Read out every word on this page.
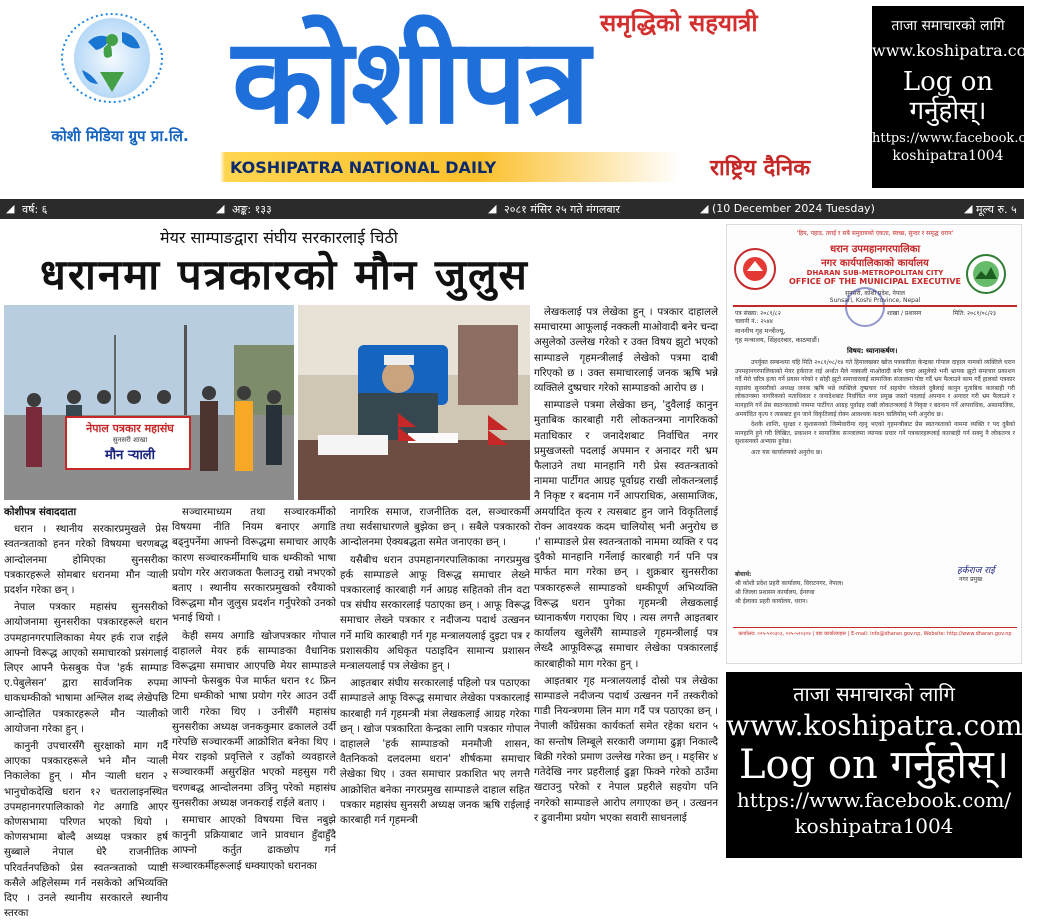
कोशी मिडिया ग्रुप प्रा.लि.
समृद्धिको सहयात्री
कोशीपत्र
KOSHIPATRA NATIONAL DAILY	राष्ट्रिय दैनिक
ताजा समाचारको लागि
www.koshipatra.com
Log on गर्नुहोस्।
https://www.facebook.com/
koshipatra1004
◢ वर्ष: ६	◢ अङ्क: १३३	◢ २०८१ मंसिर २५ गते मंगलबार	◢ (10 December 2024 Tuesday)	◢ मूल्य रु. ५
मेयर साम्पाङद्वारा संघीय सरकारलाई चिठी
धरानमा पत्रकारको मौन जुलुस
नेपाल पत्रकार महासंघ
सुनसरी शाखा
मौन ऱ्याली

कोशीपत्र संवाददाता

धरान । स्थानीय सरकारप्रमुखले प्रेस स्वतन्त्रताको हनन गरेको विषयमा चरणबद्ध आन्दोलनमा होमिएका सुनसरीका पत्रकारहरूले सोमबार धरानमा मौन ऱ्याली प्रदर्शन गरेका छन् ।

नेपाल पत्रकार महासंघ सुनसरीको आयोजनामा सुनसरीका पत्रकारहरूले धरान उपमहानगरपालिकाका मेयर हर्क राज राईले आफ्नो विरूद्ध आएको समाचारको प्रसंगलाई लिएर आफ्नै फेसबुक पेज 'हर्क साम्पाङ ए.पेबुलेसन' द्वारा सार्वजनिक रुपमा धाकधम्कीको भाषामा अश्लिल शब्द लेखेपछि आन्दोलित पत्रकारहरूले मौन ऱ्यालीको आयोजना गरेका हुन् ।

कानुनी उपचारसँगै सुरक्षाको माग गर्दै आएका पत्रकारहरूले भने मौन ऱ्याली निकालेका हुन् । मौन ऱ्याली धरान २ भानुचोकदेखि धरान १२ चतरालाइनस्थित उपमहानगरपालिकाको गेट अगाडि आएर कोणसभामा परिणत भएको थियो । कोणसभामा बोल्दै अध्यक्ष पत्रकार हर्ष सुब्बाले नेपाल धेरै राजनीतिक परिवर्तनपछिको प्रेस स्वतन्त्रताको प्याष्टी कसैले अहिलेसम्म गर्न नसकेको अभिव्यक्ति दिए । उनले स्थानीय सरकारले स्थानीय स्तरका

सञ्चारमाध्यम तथा सञ्चारकर्मीको विषयमा नीति नियम बनाएर अगाडि बढ्नुपर्नेमा आफ्नो विरूद्धमा समाचार आएकै कारण सञ्चारकर्मीमाथि धाक धम्कीको भाषा प्रयोग गरेर अराजकता फैलाउनु राम्रो नभएको बताए । स्थानीय सरकारप्रमुखको रवैयाको विरूद्धमा मौन जुलुस प्रदर्शन गर्नुपरेको उनको भनाई थियो ।

केही समय अगाडि खोजपत्रकार गोपाल दाहालले मेयर हर्क साम्पाङका वैधानिक विरूद्धमा समाचार आएपछि मेयर साम्पाङले आफ्नो फेसबुक पेज मार्फत धरान १८ फ्रिन टिमा धम्कीको भाषा प्रयोग गरेर आउन उर्दी जारी गरेका थिए । उनीसँगै महासंघ सुनसरीका अध्यक्ष जनककुमार ढकालले उर्दी गरेपछि सञ्चारकर्मी आक्रोशित बनेका थिए । मेयर राइको प्रवृत्तिले र उहाँको व्यवहारले सञ्चारकर्मी असुरक्षित भएको महसुस गरी चरणबद्ध आन्दोलनमा उत्रिनु परेको महासंघ सुनसरीका अध्यक्ष जनकराई राईले बताए ।

समाचार आएको विषयमा चित्त नबुझे कानुनी प्रक्रियाबाट जाने प्रावधान हुँदाहुँदै आफ्नो कर्तुत ढाकछोप गर्न सञ्चारकर्मीहरूलाई धम्क्याएको धरानका

नागरिक समाज, राजनीतिक दल, सञ्चारकर्मी तथा सर्वसाधारणले बुझेका छन् । सबैले पत्रकारको आन्दोलनमा ऐक्यबद्धता समेत जनाएका छन् ।

यसैबीच धरान उपमहानगरपालिकाका नगरप्रमुख हर्क साम्पाङले आफू विरूद्ध समाचार लेख्ने पत्रकारलाई कारबाही गर्न आग्रह सहितको तीन वटा पत्र संघीय सरकारलाई पठाएका छन् । आफू विरूद्ध समाचार लेख्ने पत्रकार र नदीजन्य पदार्थ उत्खनन गर्ने माथि कारबाही गर्न गृह मन्त्रालयलाई दुइटा पत्र र प्रशासकीय अधिकृत पठाइदिन सामान्य प्रशासन मन्त्रालयलाई पत्र लेखेका हुन् ।

आइतबार संघीय सरकारलाई पहिलो पत्र पठाएका साम्पाङले आफू विरूद्ध समाचार लेखेका पत्रकारलाई कारबाही गर्न गृहमन्त्री मंत्रा लेखकलाई आग्रह गरेका छन् । खोज पत्रकारिता केन्द्रका लागि पत्रकार गोपाल दाहालले 'हर्क साम्पाङको मनमौजी शासन, वैतनिकको दलदलमा धरान' शीर्षकमा समाचार लेखेका थिए । उक्त समाचार प्रकाशित भए लगत्तै आक्रोशित बनेका नगरप्रमुख साम्पाङले दाहाल सहित पत्रकार महासंघ सुनसरी अध्यक्ष जनक ऋषि राईलाई कारबाही गर्न गृहमन्त्री

लेखकलाई पत्र लेखेका हुन् । पत्रकार दाहालले समाचारमा आफूलाई नक्कली माओवादी बनेर चन्दा असुलेको उल्लेख गरेको र उक्त विषय झुटो भएको साम्पाङले गृहमन्त्रीलाई लेखेको पत्रमा दाबी गरिएको छ । उक्त समाचारलाई जनक ऋषि भन्ने व्यक्तिले दुष्प्रचार गरेको साम्पाङको आरोप छ ।

साम्पाङले पत्रमा लेखेका छन्, 'दुवैलाई कानुन मुताबिक कारबाही गरी लोकतन्त्रमा नागरिकको मताधिकार र जनादेशबाट निर्वाचित नगर प्रमुखजस्तो पदलाई अपमान र अनादर गरी भ्रम फैलाउने तथा मानहानि गरी प्रेस स्वतन्त्रताको नाममा पार्टीगत आग्रह पूर्वाग्रह राखी लोकतन्त्रलाई नै निकृष्ट र बदनाम गर्ने आपराधिक, असामाजिक, अमर्यादित कृत्य र त्यसबाट हुन जाने विकृतिलाई रोक्न आवश्यक कदम चालियोस् भनी अनुरोध छ ।' साम्पाङले प्रेस स्वतन्त्रताको नाममा व्यक्ति र पद दुवैको मानहानि गर्नेलाई कारबाही गर्न पनि पत्र मार्फत माग गरेका छन् । शुक्रबार सुनसरीका पत्रकारहरूले साम्पाङको धम्कीपूर्ण अभिव्यक्ति विरूद्ध धरान पुगेका गृहमन्त्री लेखकलाई ध्यानाकर्षण गराएका थिए । त्यस लगत्तै आइतबार कार्यालय खुलेसँगै साम्पाङले गृहमन्त्रीलाई पत्र लेख्दै आफूविरूद्ध समाचार लेखेका पत्रकारलाई कारबाहीको माग गरेका हुन् ।

आइतबार गृह मन्त्रालयलाई दोस्रो पत्र लेखेका साम्पाङले नदीजन्य पदार्थ उत्खनन गर्ने तस्करीको गाडी नियन्त्रणमा लिन माग गर्दै पत्र पठाएका छन् । नेपाली काँग्रेसका कार्यकर्ता समेत रहेका धरान ५ का सन्तोष लिम्बूले सरकारी जग्गामा ढुङ्गा निकाल्दै बिक्री गरेको प्रमाण उल्लेख गरेका छन् । मङ्सिर ४ गतेदेखि नगर प्रहरीलाई ढुङ्गा फिक्ने गरेको ठाउँमा खटाउनु परेको र नेपाल प्रहरीले सहयोग पनि नगरेको साम्पाङले आरोप लगाएका छन् । उत्खनन र ढुवानीमा प्रयोग भएका सवारी साधनलाई

'हिम, पहाड, तराई र सबै समुदायको एकता, स्वच्छ, सुन्दर र समृद्ध धरान'
धरान उपमहानगरपालिका
नगर कार्यपालिकाको कार्यालय
DHARAN SUB-METROPOLITAN CITY
OFFICE OF THE MUNICIPAL EXECUTIVE
सुनसरी, कोशी प्रदेश, नेपाल
Sunsari, Koshi Province, Nepal
पत्र संख्या: २०८१/८२
चलानी नं.: २५४४
शाखा / प्रशासन	मिति: २०८१/०८/२३
माननीय गृह मन्त्रीज्यू,
गृह मन्त्रालय, सिंहदरबार, काठमाडौं।
विषय: ध्यानाकर्षण।

उपर्युक्त सम्बन्धमा यहि मिति २०८१/०८/१४ गते हिमालखबर खोज पत्रकारिता केन्द्रका गोपाल दाहाल नामको व्यक्तिले धरान उपमहानगरपालिकाको मेयर हर्कराज राई अर्थात मैले नक्कली माओवादी बनेर चन्दा असुलेको भनी भ्रामक झुटो समाचार प्रकाशन गर्दै मेरो चरित्र हत्या गर्ने प्रयास गरेको र सोही झुटो समाचारलाई सामाजिक संजालमा पोष्ट गर्दै भ्रम फैलाउने काम गर्दै हालको पत्रकार महासंघ सुनसरीको अध्यक्ष जनक ऋषि भन्ने व्यक्तिले दुष्प्रचार गर्न सहयोग गरेकाले दुबैलाई कानुन मुताबिक कारबाही गरी लोकतन्त्रमा नागरिकको मताधिकार र जनादेशबाट निर्वाचित नगर प्रमुख जस्तो पदलाई अपमान र अनादर गरी भ्रम फैलाउने र मानहानि गर्ने प्रेस स्वतन्त्रताको नाममा पार्टीगत आग्रह पूर्वाग्रह राखी लोकतन्त्रलाई नै निकृष्ट र बदनाम गर्ने आपराधिक, असामाजिक, अमर्यादित कृत्य र त्यसबाट हुन जाने विकृतिलाई रोक्न आवश्यक कदम चालियोस् भनी अनुरोध छ।

देशकै शान्ति, सुरक्षा र सुशासनको जिम्मेवारीमा रहनु भएको गृहमन्त्रीबाट प्रेस स्वतन्त्रताको नाममा व्यक्ति र पद दुबैको मानहानि हुने गरी लिखित, प्रकाशन र सामाजिक सञ्जालमा व्यापक प्रचार गर्ने पत्रकारहरूलाई कारबाही गर्न सक्नु नै लोकतन्त्र र सुशासनको अभ्यास हुनेछ।

अतः यस कार्यालयको अनुरोध छ।

हर्कराज राई
नगर प्रमुख
बोधार्थ:
श्री कोशी प्रदेश प्रहरी कार्यालय, विराटनगर, नेपाल।
श्री जिल्ला प्रशासन कार्यालय, ईनरुवा
श्री ईलाका प्रहरी कार्यालय, धरान।
कार्यालय: ०२५-५२०३०३, ०२५-५२०३०४ | वडा कार्यालयहरू | E-mail: info@dharan.gov.np, Website: http://www.dharan.gov.np
ताजा समाचारको लागि
www.koshipatra.com
Log on गर्नुहोस्।
https://www.facebook.com/
koshipatra1004
